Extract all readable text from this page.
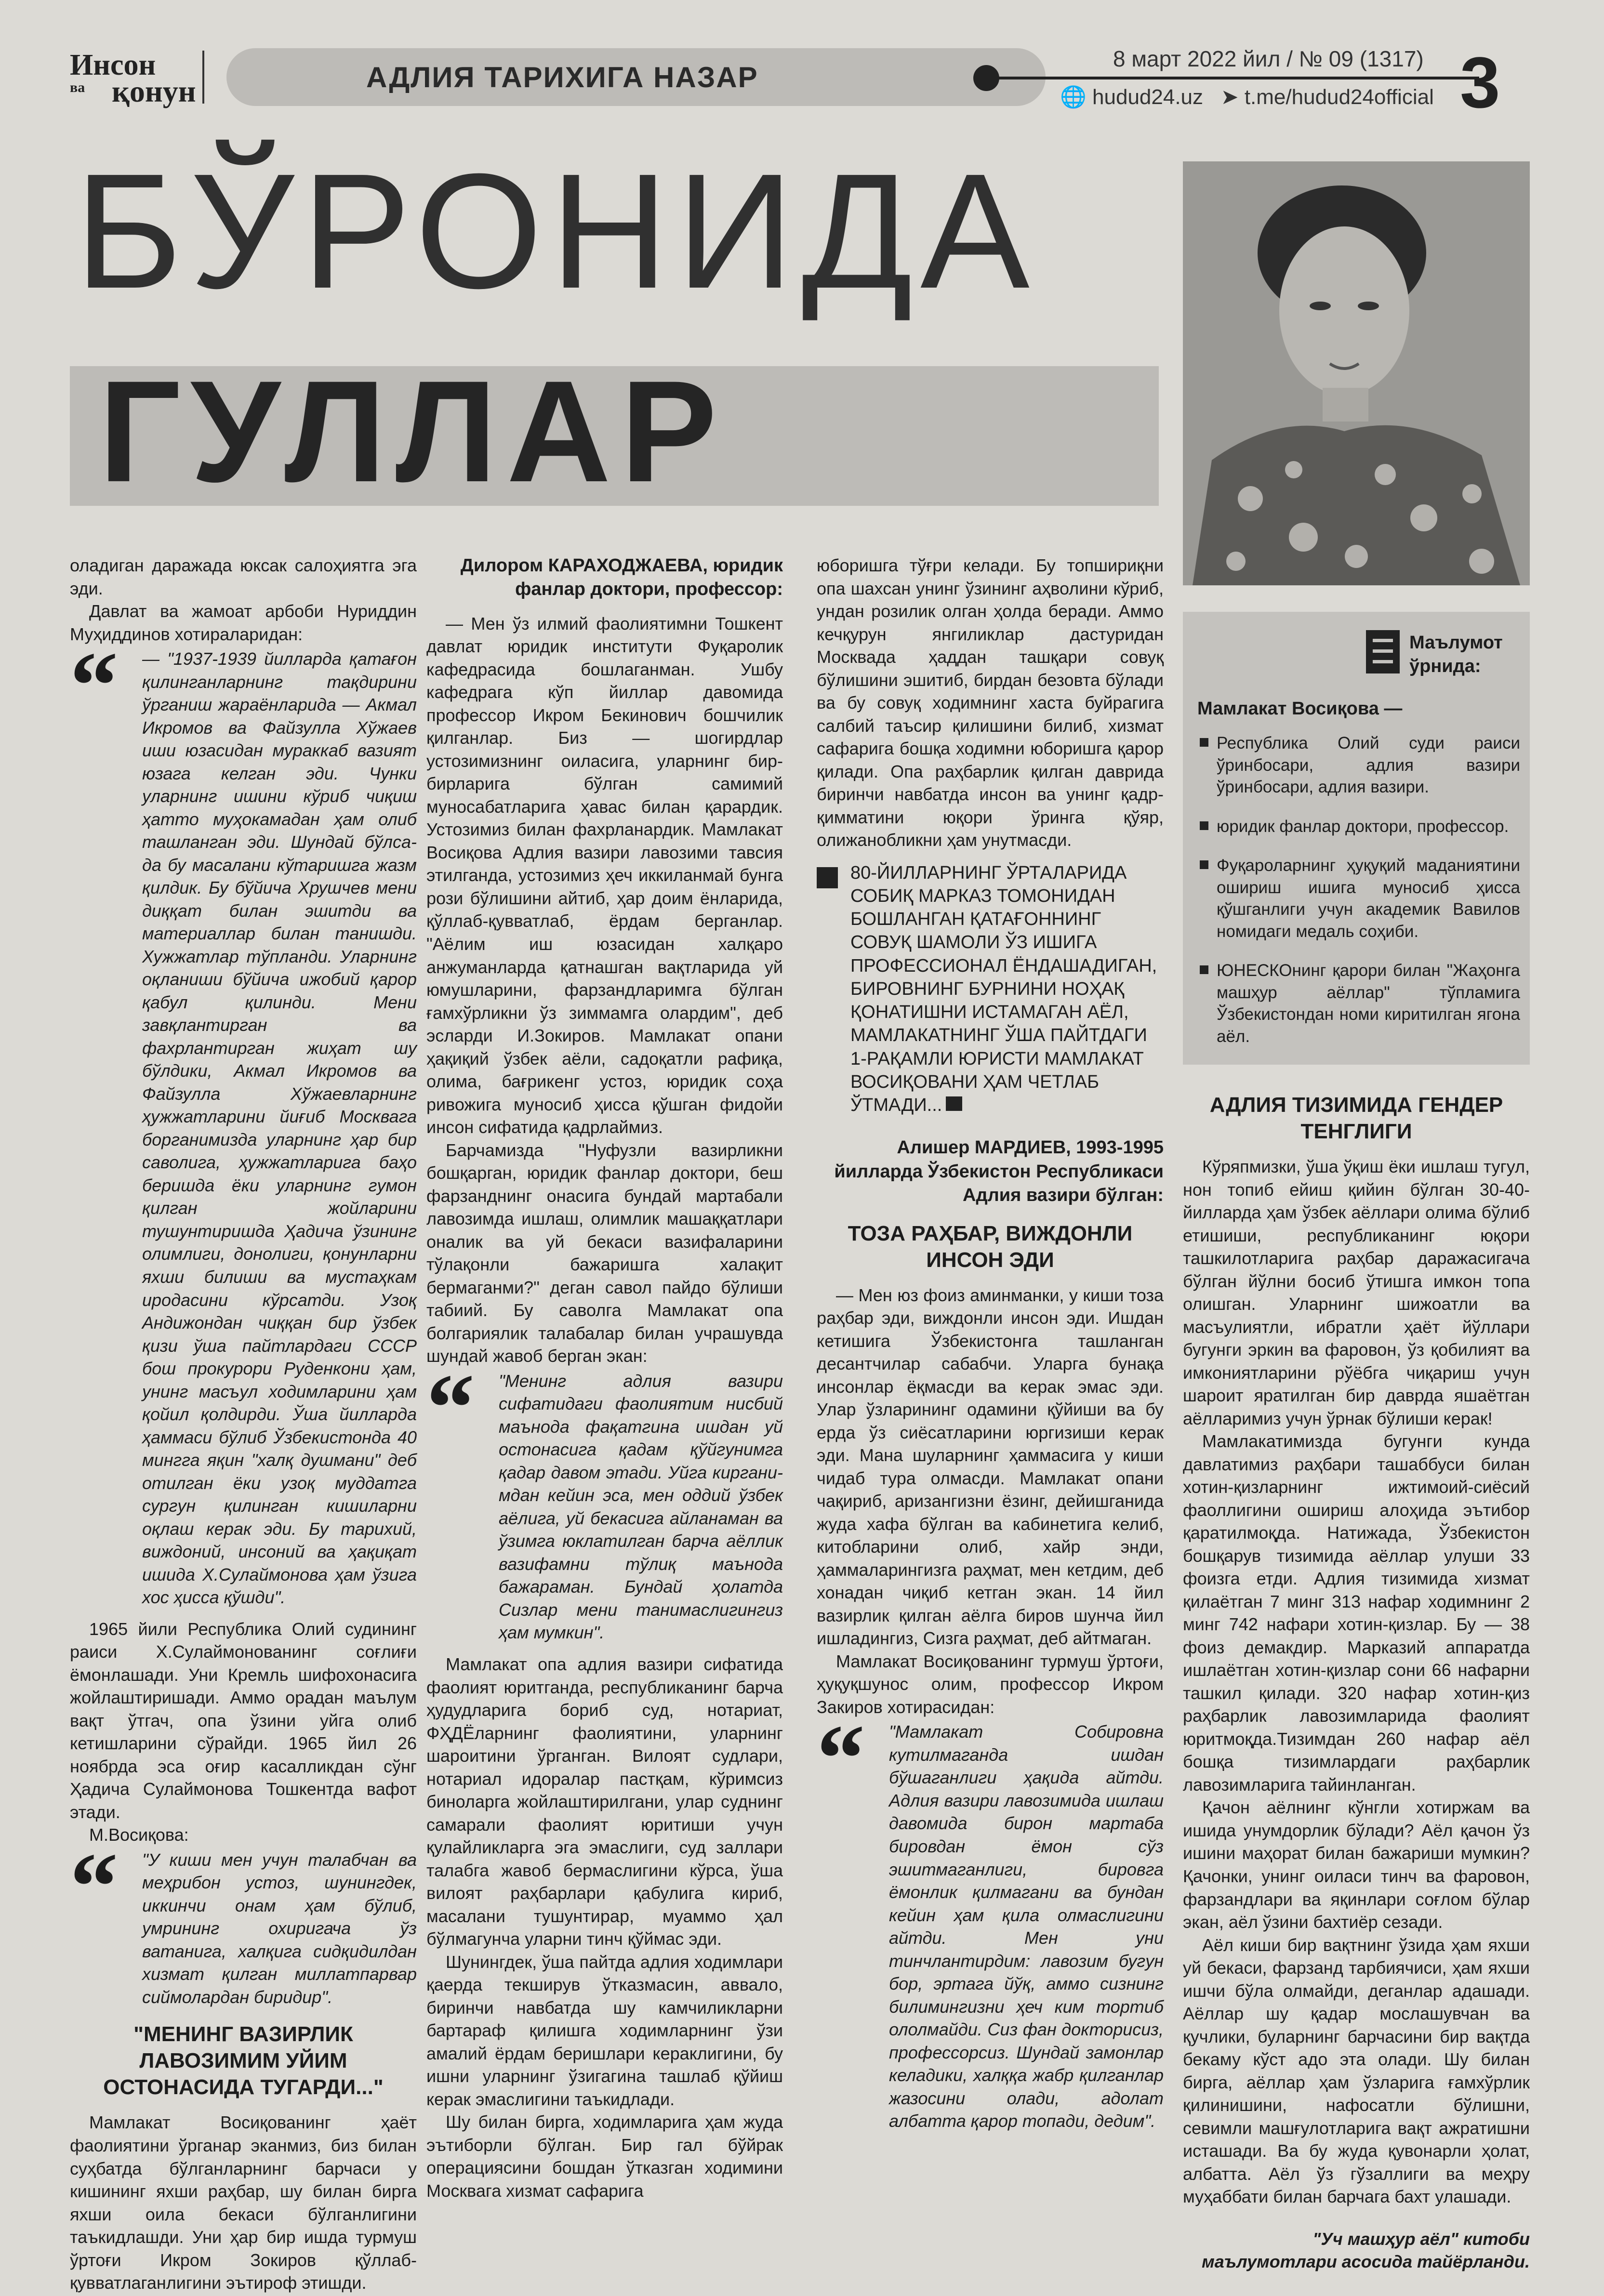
Инсон
ва қонун	АДЛИЯ ТАРИХИГА НАЗАР
8 март 2022 йил / № 09 (1317)
🌐 hudud24.uz ➤ t.me/hudud24official 3
БЎРОНИДА
ГУЛЛАР
Маълумот ўрнида:
Мамлакат Восиқова —
Республика Олий суди раиси ўринбосари, адлия вазири ўринбосари, адлия вазири.
юридик фанлар доктори, профессор.
Фуқароларнинг ҳуқуқий маданиятини ошириш ишига муносиб ҳисса қўшганлиги учун академик Вавилов номидаги медаль соҳиби.
ЮНЕСКОнинг қарори билан "Жаҳонга машҳур аёллар" тўпламига Ўзбекистондан номи киритилган ягона аёл.

оладиган даражада юксак салоҳиятга эга эди.

Давлат ва жамоат арбоби Нуриддин Муҳиддинов хотираларидан:

“ — "1937-1939 йилларда қатағон қилинганларнинг тақдирини ўрганиш жараёнларида — Акмал Икромов ва Файзулла Хўжаев иши юзасидан мураккаб вазият юзага келган эди. Чунки уларнинг ишини кўриб чиқиш ҳатто муҳокамадан ҳам олиб ташланган эди. Шундай бўлса-да бу масалани кўтаришга жазм қилдик. Бу бўйича Хрушчев мени диққат билан эшитди ва материаллар билан танишди. Хужжатлар тўпланди. Уларнинг оқланиши бўйича ижобий қарор қабул қилинди. Мени завқлантирган ва фахрлантирган жиҳат шу бўлдики, Акмал Икромов ва Файзулла Хўжаевларнинг ҳужжатларини йиғиб Москвага борганимизда уларнинг ҳар бир саволига, ҳужжатларига баҳо беришда ёки уларнинг гумон қилган жойларини тушунтиришда Ҳадича ўзининг олимлиги, донолиги, қонунларни яхши билиши ва мустаҳкам иродасини кўрсатди. Узоқ Андижондан чиққан бир ўзбек қизи ўша пайтлардаги СССР бош прокурори Руденкони ҳам, унинг масъул ходимларини ҳам қойил қолдирди. Ўша йилларда ҳаммаси бўлиб Ўзбекистонда 40 мингга яқин "халқ душмани" деб отилган ёки узоқ муддатга сургун қилинган кишиларни оқлаш керак эди. Бу тарихий, виждоний, инсоний ва ҳақиқат ишида Х.Сулаймонова ҳам ўзига хос ҳисса қўшди".

1965 йили Республика Олий судининг раиси Х.Сулаймонованинг соғлиғи ёмонлашади. Уни Кремль шифохонасига жойлаштиришади. Аммо орадан маълум вақт ўтгач, опа ўзини уйга олиб кетишларини сўрайди. 1965 йил 26 ноябрда эса оғир касалликдан сўнг Ҳадича Сулаймонова Тошкентда вафот этади.

М.Восиқова:

“ "У киши мен учун талабчан ва меҳрибон устоз, шунингдек, иккинчи онам ҳам бўлиб, умрининг охиригача ўз ватанига, халқига сидқидилдан хизмат қилган миллатпарвар сиймолардан биридир".

"МЕНИНГ ВАЗИРЛИК ЛАВОЗИМИМ УЙИМ ОСТОНАСИДА ТУГАРДИ..."

Мамлакат Восиқованинг ҳаёт фаолиятини ўрганар эканмиз, биз билан суҳбатда бўлганларнинг барчаси у кишининг яхши раҳбар, шу билан бирга яхши оила бекаси бўлганлигини таъкидлашди. Уни ҳар бир ишда турмуш ўртоғи Икром Зокиров қўллаб-қувватлаганлигини эътироф этишди.

Дилором КАРАХОДЖАЕВА, юридик фанлар доктори, профессор:

— Мен ўз илмий фаолиятимни Тошкент давлат юридик институти Фуқаролик кафедрасида бошлаганман. Ушбу кафедрага кўп йиллар давомида профессор Икром Бекинович бошчилик қилганлар. Биз — шогирдлар устозимизнинг оиласига, уларнинг бир-бирларига бўлган самимий муносабатларига ҳавас билан қарардик. Устозимиз билан фахрланардик. Мамлакат Восиқова Адлия вазири лавозими тавсия этилганда, устозимиз ҳеч иккиланмай бунга рози бўлишини айтиб, ҳар доим ёнларида, қўллаб-қувватлаб, ёрдам берганлар. "Аёлим иш юзасидан халқаро анжуманларда қатнашган вақтларида уй юмушларини, фарзандларимга бўлган ғамхўрликни ўз зиммамга олардим", деб эсларди И.Зокиров. Мамлакат опани ҳақиқий ўзбек аёли, садоқатли рафиқа, олима, бағрикенг устоз, юридик соҳа ривожига муносиб ҳисса қўшган фидойи инсон сифатида қадрлаймиз.

Барчамизда "Нуфузли вазирликни бошқарган, юридик фанлар доктори, беш фарзанднинг онасига бундай мартабали лавозимда ишлаш, олимлик машаққатлари оналик ва уй бекаси вазифаларини тўлақонли бажаришга халақит бермаганми?" деган савол пайдо бўлиши табиий. Бу саволга Мамлакат опа болгариялик талабалар билан учрашувда шундай жавоб берган экан:

“ "Менинг адлия вазири сифатидаги фаолиятим нисбий маънода фақатгина ишдан уй остонасига қадам қўйгунимга қадар давом этади. Уйга кирганимдан кейин эса, мен оддий ўзбек аёлига, уй бекасига айланаман ва ўзимга юклатилган барча аёллик вазифамни тўлиқ маънода бажараман. Бундай ҳолатда Сизлар мени танимаслигингиз ҳам мумкин".

Мамлакат опа адлия вазири сифатида фаолият юритганда, республиканинг барча ҳудудларига бориб суд, нотариат, ФҲДЁларнинг фаолиятини, уларнинг шароитини ўрганган. Вилоят судлари, нотариал идоралар пастқам, кўримсиз биноларга жойлаштирилгани, улар суднинг самарали фаолият юритиши учун қулайликларга эга эмаслиги, суд заллари талабга жавоб бермаслигини кўрса, ўша вилоят раҳбарлари қабулига кириб, масалани тушунтирар, муаммо ҳал бўлмагунча уларни тинч қўймас эди.

Шунингдек, ўша пайтда адлия ходимлари қаерда текширув ўтказмасин, аввало, биринчи навбатда шу камчиликларни бартараф қилишга ходимларнинг ўзи амалий ёрдам беришлари кераклигини, бу ишни уларнинг ўзигагина ташлаб қўйиш керак эмаслигини таъкидлади.

Шу билан бирга, ходимларига ҳам жуда эътиборли бўлган. Бир гал бўйрак операциясини бошдан ўтказган ходимини Москвага хизмат сафарига

юборишга тўғри келади. Бу топшириқни опа шахсан унинг ўзининг аҳволини кўриб, ундан розилик олган ҳолда беради. Аммо кечқурун янгиликлар дастуридан Москвада ҳаддан ташқари совуқ бўлишини эшитиб, бирдан безовта бўлади ва бу совуқ ходимнинг хаста буйрагига салбий таъсир қилишини билиб, хизмат сафарига бошқа ходимни юборишга қарор қилади. Опа раҳбарлик қилган даврида биринчи навбатда инсон ва унинг қадр-қимматини юқори ўринга қўяр, олижанобликни ҳам унутмасди.

80-ЙИЛЛАРНИНГ ЎРТАЛАРИДА СОБИҚ МАРКАЗ ТОМОНИДАН БОШЛАНГАН ҚАТАҒОННИНГ СОВУҚ ШАМОЛИ ЎЗ ИШИГА ПРОФЕССИОНАЛ ЁНДАШАДИГАН, БИРОВНИНГ БУРНИНИ НОҲАҚ ҚОНАТИШНИ ИСТАМАГАН АЁЛ, МАМЛАКАТНИНГ ЎША ПАЙТДАГИ 1-РАҚАМЛИ ЮРИСТИ МАМЛАКАТ ВОСИҚОВАНИ ҲАМ ЧЕТЛАБ ЎТМАДИ...
Алишер МАРДИЕВ, 1993-1995 йилларда Ўзбекистон Республикаси Адлия вазири бўлган:
ТОЗА РАҲБАР, ВИЖДОНЛИ ИНСОН ЭДИ

— Мен юз фоиз аминманки, у киши тоза раҳбар эди, виждонли инсон эди. Ишдан кетишига Ўзбекистонга ташланган десантчилар сабабчи. Уларга бунақа инсонлар ёқмасди ва керак эмас эди. Улар ўзларининг одамини қўйиши ва бу ерда ўз сиёсатларини юргизиши керак эди. Мана шуларнинг ҳаммасига у киши чидаб тура олмасди. Мамлакат опани чақириб, аризангизни ёзинг, дейишганида жуда хафа бўлган ва кабинетига келиб, китобларини олиб, хайр энди, ҳаммаларингизга раҳмат, мен кетдим, деб хонадан чиқиб кетган экан. 14 йил вазирлик қилган аёлга биров шунча йил ишладингиз, Сизга раҳмат, деб айтмаган.

Мамлакат Восиқованинг турмуш ўртоғи, ҳуқуқшунос олим, профессор Икром Закиров хотирасидан:

“ "Мамлакат Собировна кутилмаганда ишдан бўшаганлиги ҳақида айтди. Адлия вазири лавозимида ишлаш давомида бирон мартаба бировдан ёмон сўз эшитмаганлиги, бировга ёмонлик қилмагани ва бундан кейин ҳам қила олмаслигини айтди. Мен уни тинчлантирдим: лавозим бугун бор, эртага йўқ, аммо сизнинг билимингизни ҳеч ким тортиб ололмайди. Сиз фан докторисиз, профессорсиз. Шундай замонлар келадики, халққа жабр қилганлар жазосини олади, адолат албатта қарор топади, дедим".

АДЛИЯ ТИЗИМИДА ГЕНДЕР ТЕНГЛИГИ

Кўряпмизки, ўша ўқиш ёки ишлаш тугул, нон топиб ейиш қийин бўлган 30-40-йилларда ҳам ўзбек аёллари олима бўлиб етишиши, республиканинг юқори ташкилотларига раҳбар даражасигача бўлган йўлни босиб ўтишга имкон топа олишган. Уларнинг шижоатли ва масъулиятли, ибратли ҳаёт йўллари бугунги эркин ва фаровон, ўз қобилият ва имкониятларини рўёбга чиқариш учун шароит яратилган бир даврда яшаётган аёлларимиз учун ўрнак бўлиши керак!

Мамлакатимизда бугунги кунда давлатимиз раҳбари ташаббуси билан хотин-қизларнинг ижтимоий-сиёсий фаоллигини ошириш алоҳида эътибор қаратилмоқда. Натижада, Ўзбекистон бошқарув тизимида аёллар улуши 33 фоизга етди. Адлия тизимида хизмат қилаётган 7 минг 313 нафар ходимнинг 2 минг 742 нафари хотин-қизлар. Бу — 38 фоиз демакдир. Марказий аппаратда ишлаётган хотин-қизлар сони 66 нафарни ташкил қилади. 320 нафар хотин-қиз раҳбарлик лавозимларида фаолият юритмоқда.Тизимдан 260 нафар аёл бошқа тизимлардаги раҳбарлик лавозимларига тайинланган.

Қачон аёлнинг кўнгли хотиржам ва ишида унумдорлик бўлади? Аёл қачон ўз ишини маҳорат билан бажариши мумкин? Қачонки, унинг оиласи тинч ва фаровон, фарзандлари ва яқинлари соғлом бўлар экан, аёл ўзини бахтиёр сезади.

Аёл киши бир вақтнинг ўзида ҳам яхши уй бекаси, фарзанд тарбиячиси, ҳам яхши ишчи бўла олмайди, деганлар адашади. Аёллар шу қадар мослашувчан ва қучлики, буларнинг барчасини бир вақтда бекаму кўст адо эта олади. Шу билан бирга, аёллар ҳам ўзларига ғамхўрлик қилинишини, нафосатли бўлишни, севимли машғулотларига вақт ажратишни исташади. Ва бу жуда қувонарли ҳолат, албатта. Аёл ўз гўзаллиги ва меҳру муҳаббати билан барчага бахт улашади.

"Уч машҳур аёл" китоби маълумотлари асосида тайёрланди.
